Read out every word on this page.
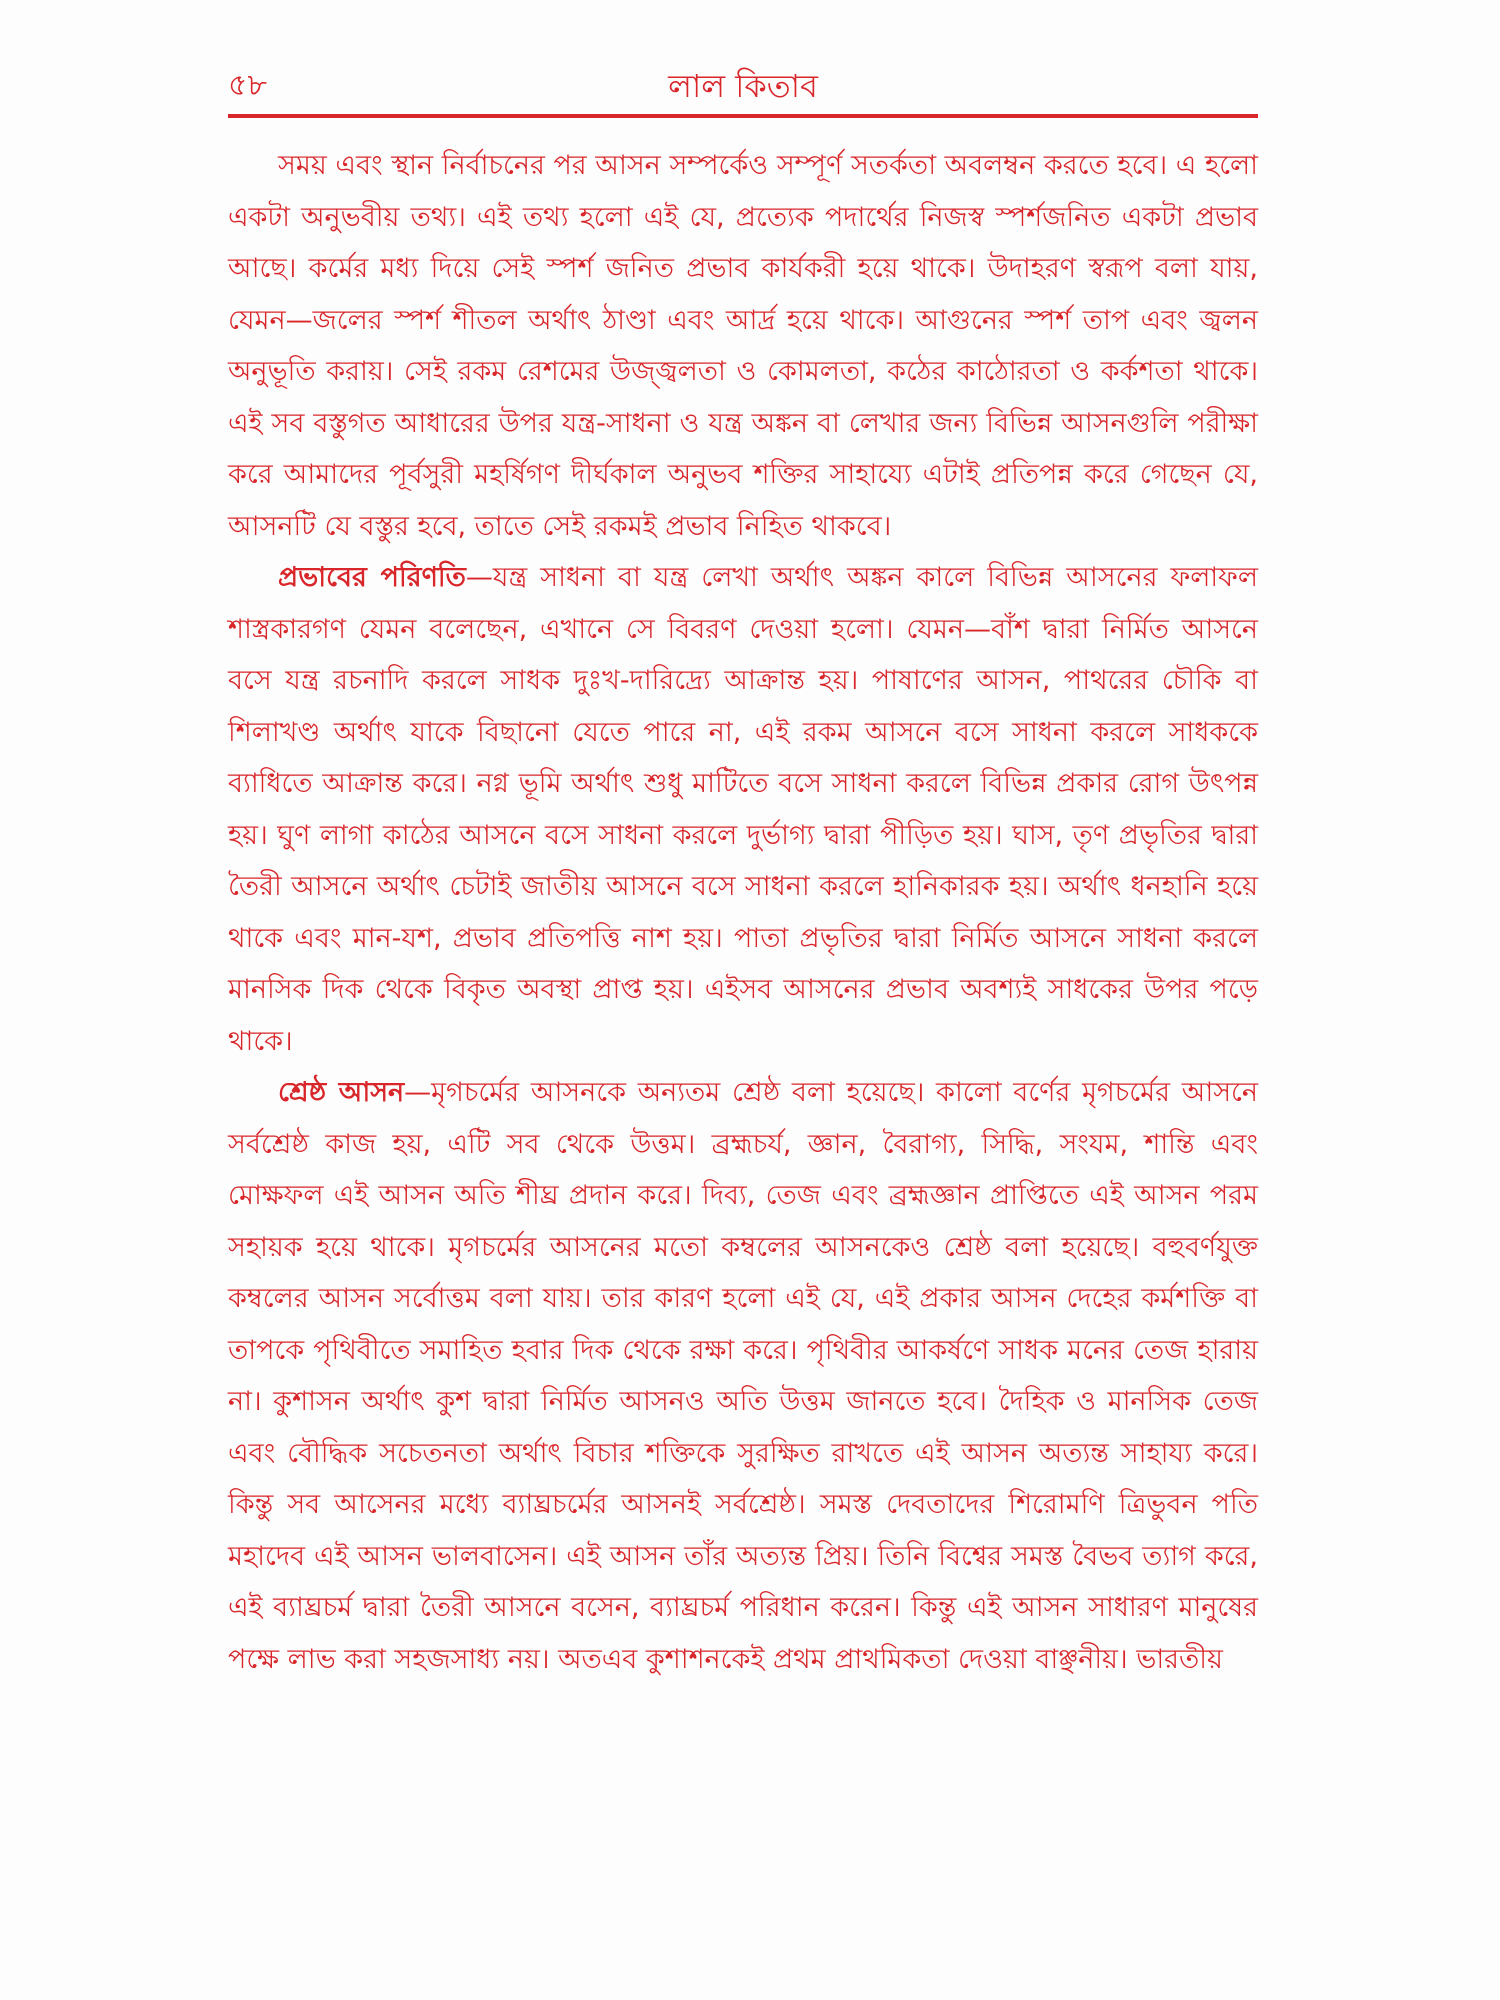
৫৮	লাল কিতাব

সময় এবং স্থান নির্বাচনের পর আসন সম্পর্কেও সম্পূর্ণ সতর্কতা অবলম্বন করতে হবে। এ হলো একটা অনুভবীয় তথ্য। এই তথ্য হলো এই যে, প্রত্যেক পদার্থের নিজস্ব স্পর্শজনিত একটা প্রভাব আছে। কর্মের মধ্য দিয়ে সেই স্পর্শ জনিত প্রভাব কার্যকরী হয়ে থাকে। উদাহরণ স্বরূপ বলা যায়, যেমন—জলের স্পর্শ শীতল অর্থাৎ ঠাণ্ডা এবং আর্দ্র হয়ে থাকে। আগুনের স্পর্শ তাপ এবং জ্বলন অনুভূতি করায়। সেই রকম রেশমের উজ্জ্বলতা ও কোমলতা, কঠের কাঠোরতা ও কর্কশতা থাকে। এই সব বস্তুগত আধারের উপর যন্ত্র-সাধনা ও যন্ত্র অঙ্কন বা লেখার জন্য বিভিন্ন আসনগুলি পরীক্ষা করে আমাদের পূর্বসুরী মহর্ষিগণ দীর্ঘকাল অনুভব শক্তির সাহায্যে এটাই প্রতিপন্ন করে গেছেন যে, আসনটি যে বস্তুর হবে, তাতে সেই রকমই প্রভাব নিহিত থাকবে।

প্রভাবের পরিণতি—যন্ত্র সাধনা বা যন্ত্র লেখা অর্থাৎ অঙ্কন কালে বিভিন্ন আসনের ফলাফল শাস্ত্রকারগণ যেমন বলেছেন, এখানে সে বিবরণ দেওয়া হলো। যেমন—বাঁশ দ্বারা নির্মিত আসনে বসে যন্ত্র রচনাদি করলে সাধক দুঃখ-দারিদ্র্যে আক্রান্ত হয়। পাষাণের আসন, পাথরের চৌকি বা শিলাখণ্ড অর্থাৎ যাকে বিছানো যেতে পারে না, এই রকম আসনে বসে সাধনা করলে সাধককে ব্যাধিতে আক্রান্ত করে। নগ্ন ভূমি অর্থাৎ শুধু মাটিতে বসে সাধনা করলে বিভিন্ন প্রকার রোগ উৎপন্ন হয়। ঘুণ লাগা কাঠের আসনে বসে সাধনা করলে দুর্ভাগ্য দ্বারা পীড়িত হয়। ঘাস, তৃণ প্রভৃতির দ্বারা তৈরী আসনে অর্থাৎ চেটাই জাতীয় আসনে বসে সাধনা করলে হানিকারক হয়। অর্থাৎ ধনহানি হয়ে থাকে এবং মান-যশ, প্রভাব প্রতিপত্তি নাশ হয়। পাতা প্রভৃতির দ্বারা নির্মিত আসনে সাধনা করলে মানসিক দিক থেকে বিকৃত অবস্থা প্রাপ্ত হয়। এইসব আসনের প্রভাব অবশ্যই সাধকের উপর পড়ে থাকে।

শ্রেষ্ঠ আসন—মৃগচর্মের আসনকে অন্যতম শ্রেষ্ঠ বলা হয়েছে। কালো বর্ণের মৃগচর্মের আসনে সর্বশ্রেষ্ঠ কাজ হয়, এটি সব থেকে উত্তম। ব্রহ্মচর্য, জ্ঞান, বৈরাগ্য, সিদ্ধি, সংযম, শান্তি এবং মোক্ষফল এই আসন অতি শীঘ্র প্রদান করে। দিব্য, তেজ এবং ব্রহ্মজ্ঞান প্রাপ্তিতে এই আসন পরম সহায়ক হয়ে থাকে। মৃগচর্মের আসনের মতো কম্বলের আসনকেও শ্রেষ্ঠ বলা হয়েছে। বহুবর্ণযুক্ত কম্বলের আসন সর্বোত্তম বলা যায়। তার কারণ হলো এই যে, এই প্রকার আসন দেহের কর্মশক্তি বা তাপকে পৃথিবীতে সমাহিত হবার দিক থেকে রক্ষা করে। পৃথিবীর আকর্ষণে সাধক মনের তেজ হারায় না। কুশাসন অর্থাৎ কুশ দ্বারা নির্মিত আসনও অতি উত্তম জানতে হবে। দৈহিক ও মানসিক তেজ এবং বৌদ্ধিক সচেতনতা অর্থাৎ বিচার শক্তিকে সুরক্ষিত রাখতে এই আসন অত্যন্ত সাহায্য করে। কিন্তু সব আসেনর মধ্যে ব্যাঘ্রচর্মের আসনই সর্বশ্রেষ্ঠ। সমস্ত দেবতাদের শিরোমণি ত্রিভুবন পতি মহাদেব এই আসন ভালবাসেন। এই আসন তাঁর অত্যন্ত প্রিয়। তিনি বিশ্বের সমস্ত বৈভব ত্যাগ করে, এই ব্যাঘ্রচর্ম দ্বারা তৈরী আসনে বসেন, ব্যাঘ্রচর্ম পরিধান করেন। কিন্তু এই আসন সাধারণ মানুষের পক্ষে লাভ করা সহজসাধ্য নয়। অতএব কুশাশনকেই প্রথম প্রাথমিকতা দেওয়া বাঞ্ছনীয়। ভারতীয়
